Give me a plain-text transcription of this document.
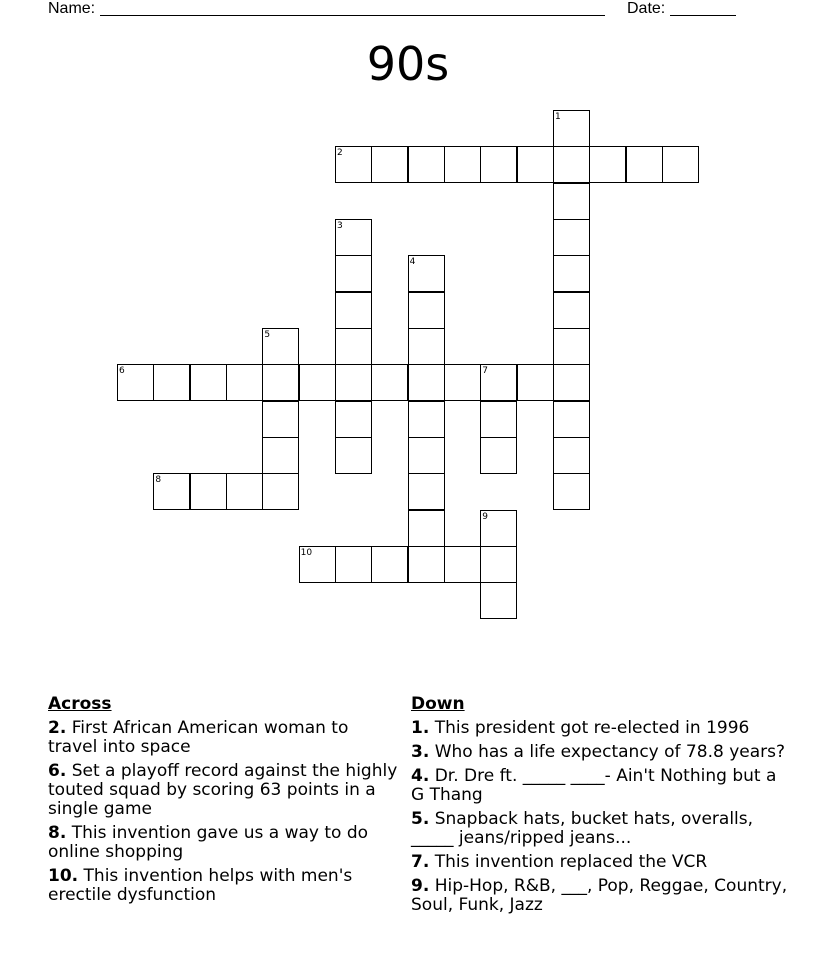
Name:	Date:
90s
1
2
3
4
5
6	7
8
9
10
Across
2. First African American woman to travel into space
6. Set a playoff record against the highly touted squad by scoring 63 points in a single game
8. This invention gave us a way to do online shopping
10. This invention helps with men's erectile dysfunction
Down
1. This president got re-elected in 1996
3. Who has a life expectancy of 78.8 years?
4. Dr. Dre ft. _____ ____- Ain't Nothing but a G Thang
5. Snapback hats, bucket hats, overalls, _____ jeans/ripped jeans...
7. This invention replaced the VCR
9. Hip-Hop, R&B, ___, Pop, Reggae, Country, Soul, Funk, Jazz
